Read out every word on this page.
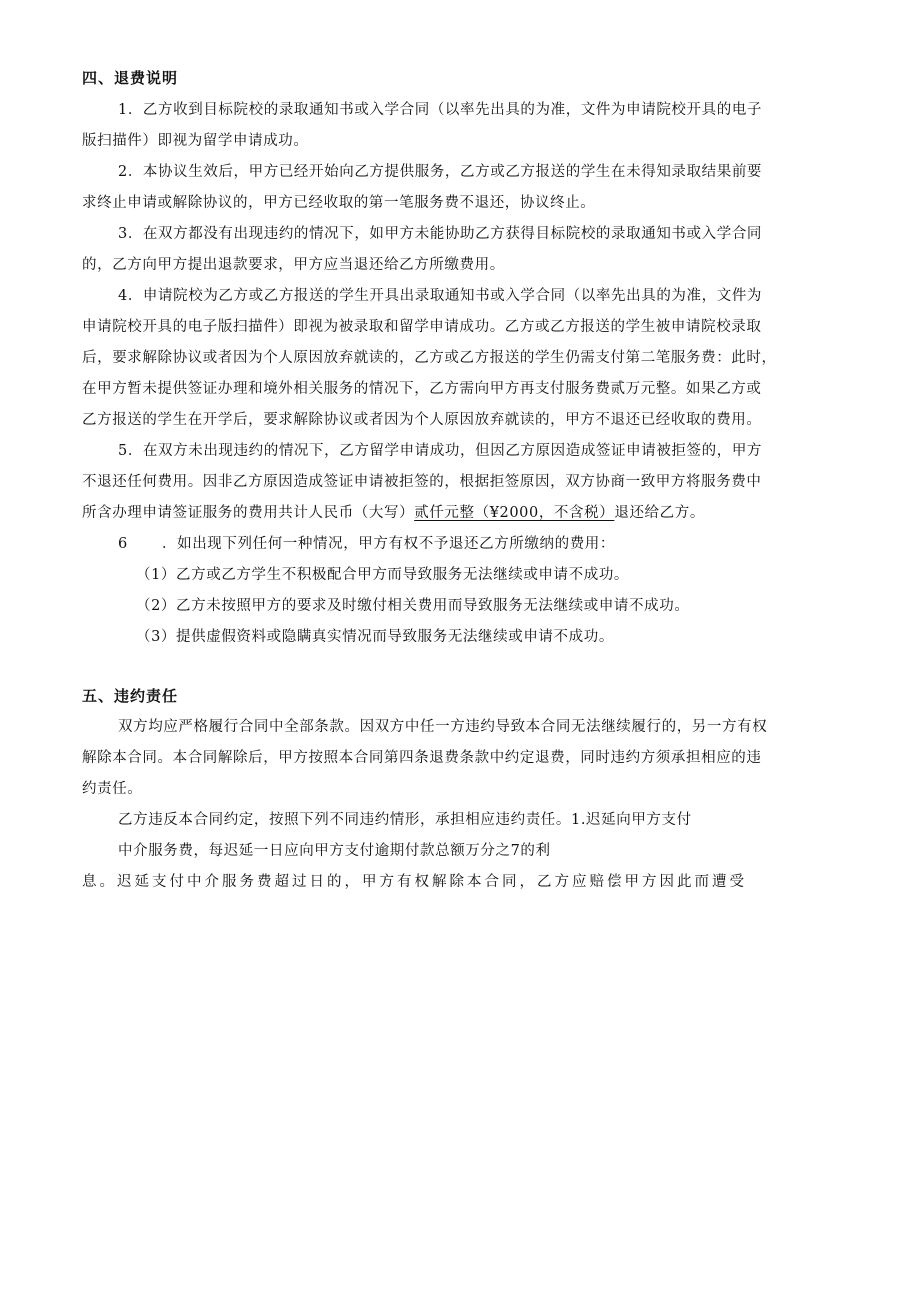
四、退费说明
1．乙方收到目标院校的录取通知书或入学合同（以率先出具的为准，文件为申请院校开具的电子
版扫描件）即视为留学申请成功。
2．本协议生效后，甲方已经开始向乙方提供服务，乙方或乙方报送的学生在未得知录取结果前要
求终止申请或解除协议的，甲方已经收取的第一笔服务费不退还，协议终止。
3．在双方都没有出现违约的情况下，如甲方未能协助乙方获得目标院校的录取通知书或入学合同
的，乙方向甲方提出退款要求，甲方应当退还给乙方所缴费用。
4．申请院校为乙方或乙方报送的学生开具出录取通知书或入学合同（以率先出具的为准，文件为
申请院校开具的电子版扫描件）即视为被录取和留学申请成功。乙方或乙方报送的学生被申请院校录取
后，要求解除协议或者因为个人原因放弃就读的，乙方或乙方报送的学生仍需支付第二笔服务费：此时，
在甲方暂未提供签证办理和境外相关服务的情况下，乙方需向甲方再支付服务费贰万元整。如果乙方或
乙方报送的学生在开学后，要求解除协议或者因为个人原因放弃就读的，甲方不退还已经收取的费用。
5．在双方未出现违约的情况下，乙方留学申请成功，但因乙方原因造成签证申请被拒签的，甲方
不退还任何费用。因非乙方原因造成签证申请被拒签的，根据拒签原因，双方协商一致甲方将服务费中
所含办理申请签证服务的费用共计人民币（大写）贰仟元整（¥2000，不含税）退还给乙方。
6 ．如出现下列任何一种情况，甲方有权不予退还乙方所缴纳的费用：
（1）乙方或乙方学生不积极配合甲方而导致服务无法继续或申请不成功。
（2）乙方未按照甲方的要求及时缴付相关费用而导致服务无法继续或申请不成功。
（3）提供虚假资料或隐瞒真实情况而导致服务无法继续或申请不成功。
五、违约责任
双方均应严格履行合同中全部条款。因双方中任一方违约导致本合同无法继续履行的，另一方有权
解除本合同。本合同解除后，甲方按照本合同第四条退费条款中约定退费，同时违约方须承担相应的违
约责任。
乙方违反本合同约定，按照下列不同违约情形，承担相应违约责任。1.迟延向甲方支付
中介服务费，每迟延一日应向甲方支付逾期付款总额万分之7的利
息。迟延支付中介服务费超过日的，甲方有权解除本合同，乙方应赔偿甲方因此而遭受
